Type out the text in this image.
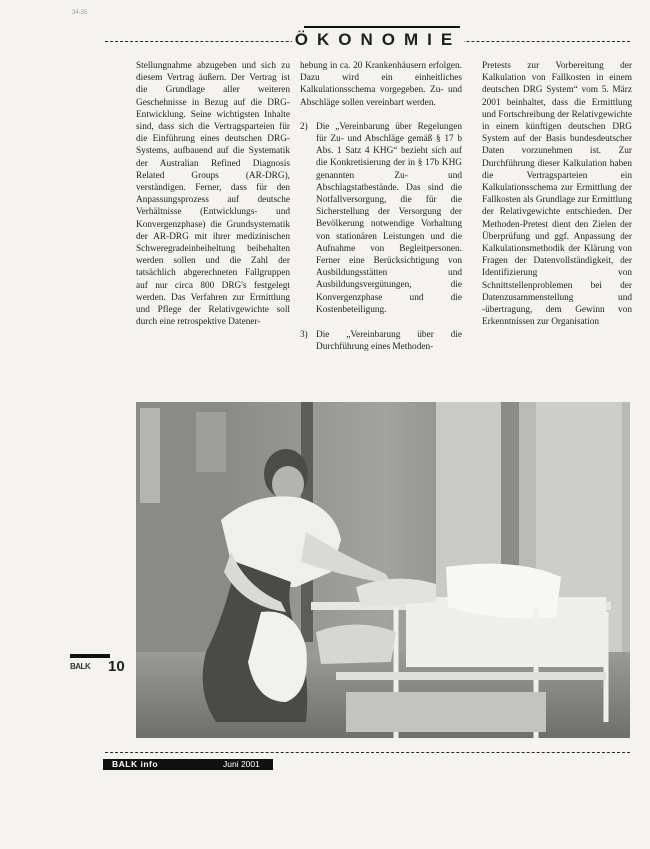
34-35
ÖKONOMIE

Stellungnahme abzugeben und sich zu diesem Vertrag äußern. Der Vertrag ist die Grundlage aller weiteren Geschehnisse in Bezug auf die DRG-Entwicklung. Seine wichtigsten Inhalte sind, dass sich die Vertragsparteien für die Einführung eines deutschen DRG-Systems, aufbauend auf die Systematik der Australian Refined Diagnosis Related Groups (AR-DRG), verständigen. Ferner, dass für den Anpassungsprozess auf deutsche Verhältnisse (Entwicklungs- und Konvergenzphase) die Grundsystematik der AR-DRG mit ihrer medizinischen Schweregradeinbeiheltung beibehalten werden sollen und die Zahl der tatsächlich abgerechneten Fallgruppen auf nur circa 800 DRG's festgelegt werden. Das Verfahren zur Ermittlung und Pflege der Relativgewichte soll durch eine retrospektive Datener-

hebung in ca. 20 Krankenhäusern erfolgen. Dazu wird ein einheitliches Kalkulationsschema vorgegeben. Zu- und Abschläge sollen vereinbart werden.

2) Die „Vereinbarung über Regelungen für Zu- und Abschläge gemäß § 17 b Abs. 1 Satz 4 KHG“ bezieht sich auf die Konkretisierung der in § 17b KHG genannten Zu- und Abschlagstatbestände. Das sind die Notfallversorgung, die für die Sicherstellung der Versorgung der Bevölkerung notwendige Vorhaltung von stationären Leistungen und die Aufnahme von Begleitpersonen. Ferner eine Berücksichtigung von Ausbildungsstätten und Ausbildungsvergütungen, die Konvergenzphase und die Kostenbeteiligung.
3) Die „Vereinbarung über die Durchführung eines Methoden-

Pretests zur Vorbereitung der Kalkulation von Fallkosten in einem deutschen DRG System“ vom 5. März 2001 beinhaltet, dass die Ermittlung und Fortschreibung der Relativgewichte in einem künftigen deutschen DRG System auf der Basis bundesdeutscher Daten vorzunehmen ist. Zur Durchführung dieser Kalkulation haben die Vertragsparteien ein Kalkulationsschema zur Ermittlung der Fallkosten als Grundlage zur Ermittlung der Relativgewichte entschieden. Der Methoden-Pretest dient den Zielen der Überprüfung und ggf. Anpassung der Kalkulationsmethodik der Klärung von Fragen der Datenvollständigkeit, der Identifizierung von Schnittstellenproblemen bei der Datenzusammenstellung und -übertragung, dem Gewinn von Erkenntnissen zur Organisation

BALK	10
BALK info	Juni 2001
